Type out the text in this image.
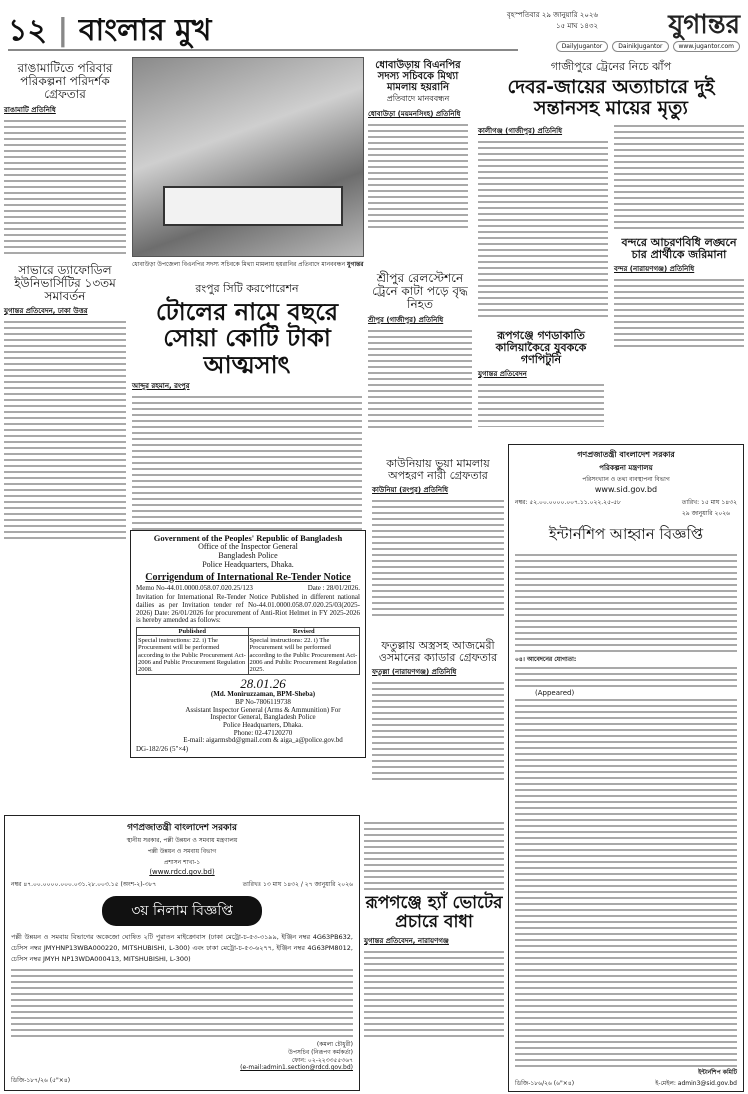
১২ | বাংলার মুখ	বৃহস্পতিবার ২৯ জানুয়ারি ২০২৬
১৫ মাঘ ১৪৩২	যুগান্তর
DailyJugantor	DainikJugantor	www.jugantor.com
রাঙামাটিতে পরিবার পরিকল্পনা পরিদর্শক গ্রেফতার
রাঙামাটি প্রতিনিধি
সাভারে ড্যাফোডিল ইউনিভার্সিটির ১৩তম সমাবর্তন
যুগান্তর প্রতিবেদন, ঢাকা উত্তর
ধোবাউড়া উপজেলা বিএনপির সদস্য সচিবকে মিথ্যা মামলায় হয়রানির প্রতিবাদে মানববন্ধন যুগান্তর
ধোবাউড়ায় বিএনপির সদস্য সচিবকে মিথ্যা মামলায় হয়রানি
প্রতিবাদে মানববন্ধন
ধোবাউড়া (ময়মনসিংহ) প্রতিনিধি
গাজীপুরে ট্রেনের নিচে ঝাঁপ
দেবর-জায়ের অত্যাচারে দুই সন্তানসহ মায়ের মৃত্যু
কালীগঞ্জ (গাজীপুর) প্রতিনিধি
বন্দরে আচরণবিধি লঙ্ঘনে চার প্রার্থীকে জরিমানা
বন্দর (নারায়ণগঞ্জ) প্রতিনিধি
রংপুর সিটি করপোরেশন
টোলের নামে বছরে সোয়া কোটি টাকা আত্মসাৎ
আব্দুর রহমান, রংপুর
শ্রীপুর রেলস্টেশনে ট্রেনে কাটা পড়ে বৃদ্ধ নিহত
শ্রীপুর (গাজীপুর) প্রতিনিধি
কাউনিয়ায় ভুয়া মামলায় অপহরণ নারী গ্রেফতার
কাউনিয়া (রংপুর) প্রতিনিধি
ফতুল্লায় অস্ত্রসহ আজমেরী ওসমানের ক্যাডার গ্রেফতার
ফতুল্লা (নারায়ণগঞ্জ) প্রতিনিধি
রূপগঞ্জে গণডাকাতি কালিয়াকৈরে যুবককে গণপিটুনি
যুগান্তর প্রতিবেদন
Government of the Peoples' Republic of Bangladesh
Office of the Inspector General
Bangladesh Police
Police Headquarters, Dhaka.
Corrigendum of International Re-Tender Notice
Memo No-44.01.0000.058.07.020.25/123	Date : 28/01/2026.
Invitation for International Re-Tender Notice Published in different national dailies as per Invitation tender ref No-44.01.0000.058.07.020.25/03(2025-2026) Date: 26/01/2026 for procurement of Anti-Riot Helmet in FY 2025-2026 is hereby amended as follows:
Published	Revised
Special instructions: 22. i) The Procurement will be performed according to the Public Procurement Act-2006 and Public Procurement Regulation 2008.	Special instructions: 22. i) The Procurement will be performed according to the Public Procurement Act-2006 and Public Procurement Regulation 2025.
28.01.26
(Md. Moniruzzaman, BPM-Sheba)
BP No-7806119738
Assistant Inspector General (Arms & Ammunition) For
Inspector General, Bangladesh Police
Police Headquarters, Dhaka.
Phone: 02-47120270
E-mail: aigarmsbd@gmail.com & aiga_a@police.gov.bd
DG-182/26 (5"×4)
গণপ্রজাতন্ত্রী বাংলাদেশ সরকার
স্থানীয় সরকার, পল্লী উন্নয়ন ও সমবায় মন্ত্রণালয়
পল্লী উন্নয়ন ও সমবায় বিভাগ
প্রশাসন শাখা-১
(www.rdcd.gov.bd)
নম্বর ৪৭.০০.০০০০.০০০.০৩১.২৮.০০৩.১৫ (অংশ-২)-৩৮৭	তারিখঃ ১৩ মাঘ ১৪৩২ / ২৭ জানুয়ারি ২০২৬
৩য় নিলাম বিজ্ঞপ্তি
পল্লী উন্নয়ন ও সমবায় বিভাগের অকেজো ঘোষিত ২টি পুরাতন মাইক্রোবাস (ঢাকা মেট্রো-চ-৫৩-৩১৯৯, ইঞ্জিন নম্বর 4G63PB632, চেসিস নম্বর JMYHNP13WBA000220, MITSHUBISHI, L-300) এবং ঢাকা মেট্রো-চ-৫৩-৬২৭৭, ইঞ্জিন নম্বর 4G63PM8012, চেসিস নম্বর JMYH NP13WDA000413, MITSHUBISHI, L-300)
(কমলা চৌধুরী)
উপসচিব (নিরূপণ কর্মকর্তা)
ফোন: ০২-২২৩৩৫৫৩৬৭
(e-mail:admin1.section@rdcd.gov.bd)
ডিজি-১৮৭/২৬ (৫"×৪)
রূপগঞ্জে হ্যাঁ ভোটের প্রচারে বাধা
যুগান্তর প্রতিবেদন, নারায়ণগঞ্জ
গণপ্রজাতন্ত্রী বাংলাদেশ সরকার
পরিকল্পনা মন্ত্রণালয়
পরিসংখ্যান ও তথ্য ব্যবস্থাপনা বিভাগ
www.sid.gov.bd
নম্বর: ৫২.০০.০০০০.০০৭.১১.০২২.২৫-৫৮	তারিখ: ১৫ মাঘ ১৪৩২
২৯ জানুয়ারি ২০২৬
ইন্টার্নশিপ আহ্বান বিজ্ঞপ্তি
০৪। আবেদনের যোগ্যতা:
(Appeared)
ইন্টার্নশিপ কমিটি
ডিজি-১৮৬/২৬ (৬"×৪)	ই-মেইল: admin3@sid.gov.bd
